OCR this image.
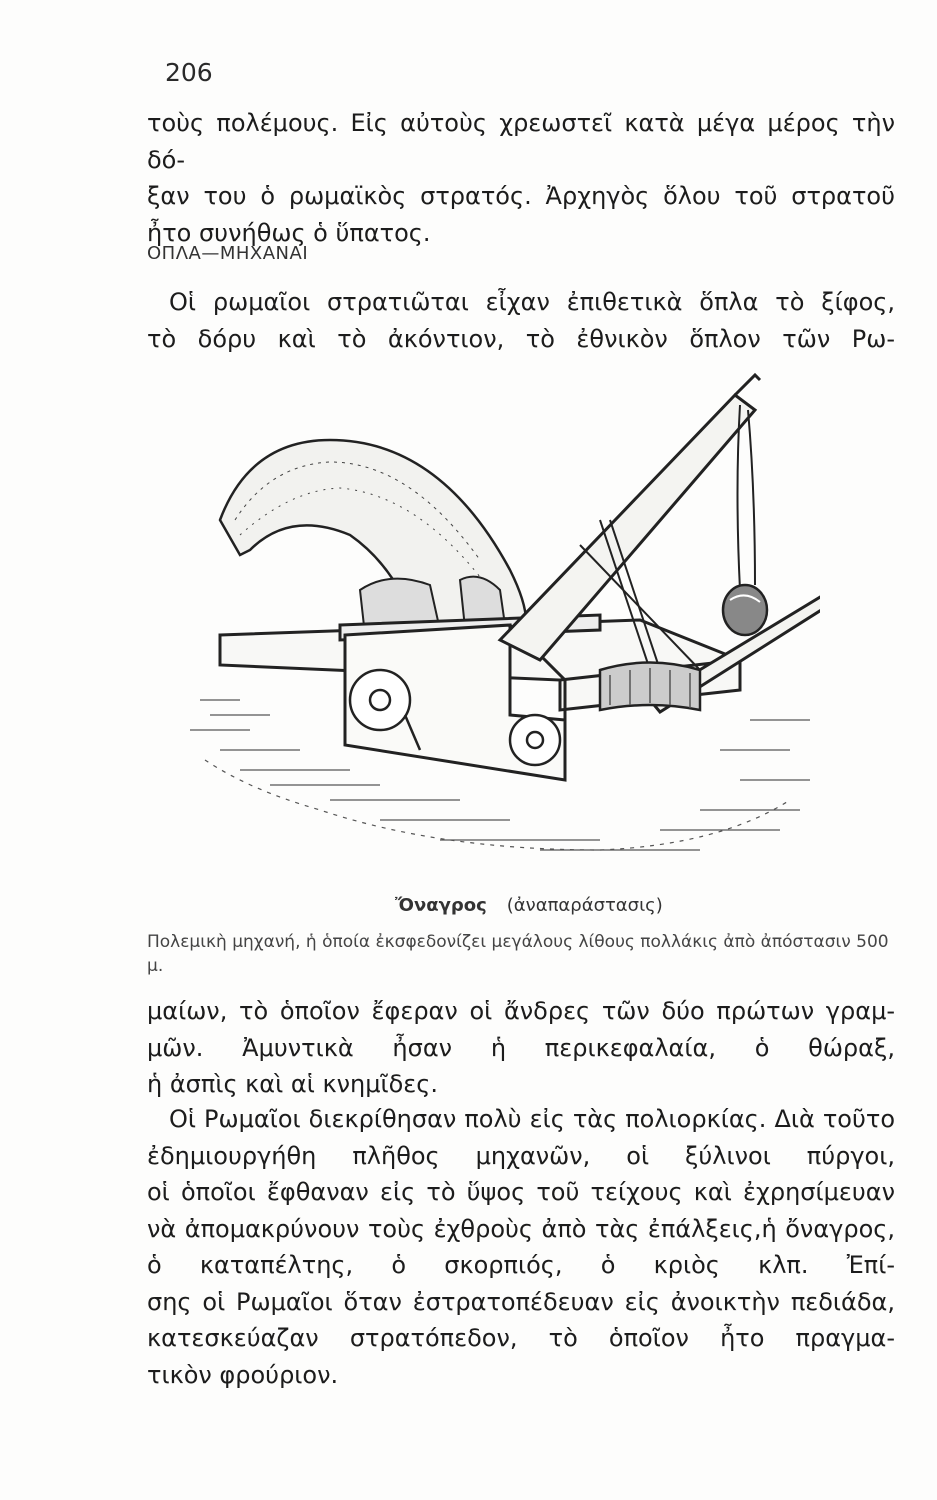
206
τοὺς πολέμους. Εἰς αὐτοὺς χρεωστεῖ κατὰ μέγα μέρος τὴν δό-
ξαν του ὁ ρωμαϊκὸς στρατός. Ἀρχηγὸς ὅλου τοῦ στρατοῦ
ἦτο συνήθως ὁ ὕπατος.
ΟΠΛΑ—ΜΗΧΑΝΑΙ
Οἱ ρωμαῖοι στρατιῶται εἶχαν ἐπιθετικὰ ὅπλα τὸ ξίφος,
τὸ δόρυ καὶ τὸ ἀκόντιον, τὸ ἐθνικὸν ὅπλον τῶν Ρω-
Ὄναγρος (ἀναπαράστασις)
Πολεμικὴ μηχανή, ἡ ὁποία ἐκσφεδονίζει μεγάλους λίθους πολλάκις ἀπὸ ἀπόστασιν 500 μ.
μαίων, τὸ ὁποῖον ἔφεραν οἱ ἄνδρες τῶν δύο πρώτων γραμ-
μῶν. Ἀμυντικὰ ἦσαν ἡ περικεφαλαία, ὁ θώραξ,
ἡ ἀσπὶς καὶ αἱ κνημῖδες.
Οἱ Ρωμαῖοι διεκρίθησαν πολὺ εἰς τὰς πολιορκίας. Διὰ τοῦτο
ἐδημιουργήθη πλῆθος μηχανῶν, οἱ ξύλινοι πύργοι,
οἱ ὁποῖοι ἔφθαναν εἰς τὸ ὕψος τοῦ τείχους καὶ ἐχρησίμευαν
νὰ ἀπομακρύνουν τοὺς ἐχθροὺς ἀπὸ τὰς ἐπάλξεις,ἡ ὄναγρος,
ὁ καταπέλτης, ὁ σκορπιός, ὁ κριὸς κλπ. Ἐπί-
σης οἱ Ρωμαῖοι ὅταν ἐστρατοπέδευαν εἰς ἀνοικτὴν πεδιάδα,
κατεσκεύαζαν στρατόπεδον, τὸ ὁποῖον ἦτο πραγμα-
τικὸν φρούριον.
